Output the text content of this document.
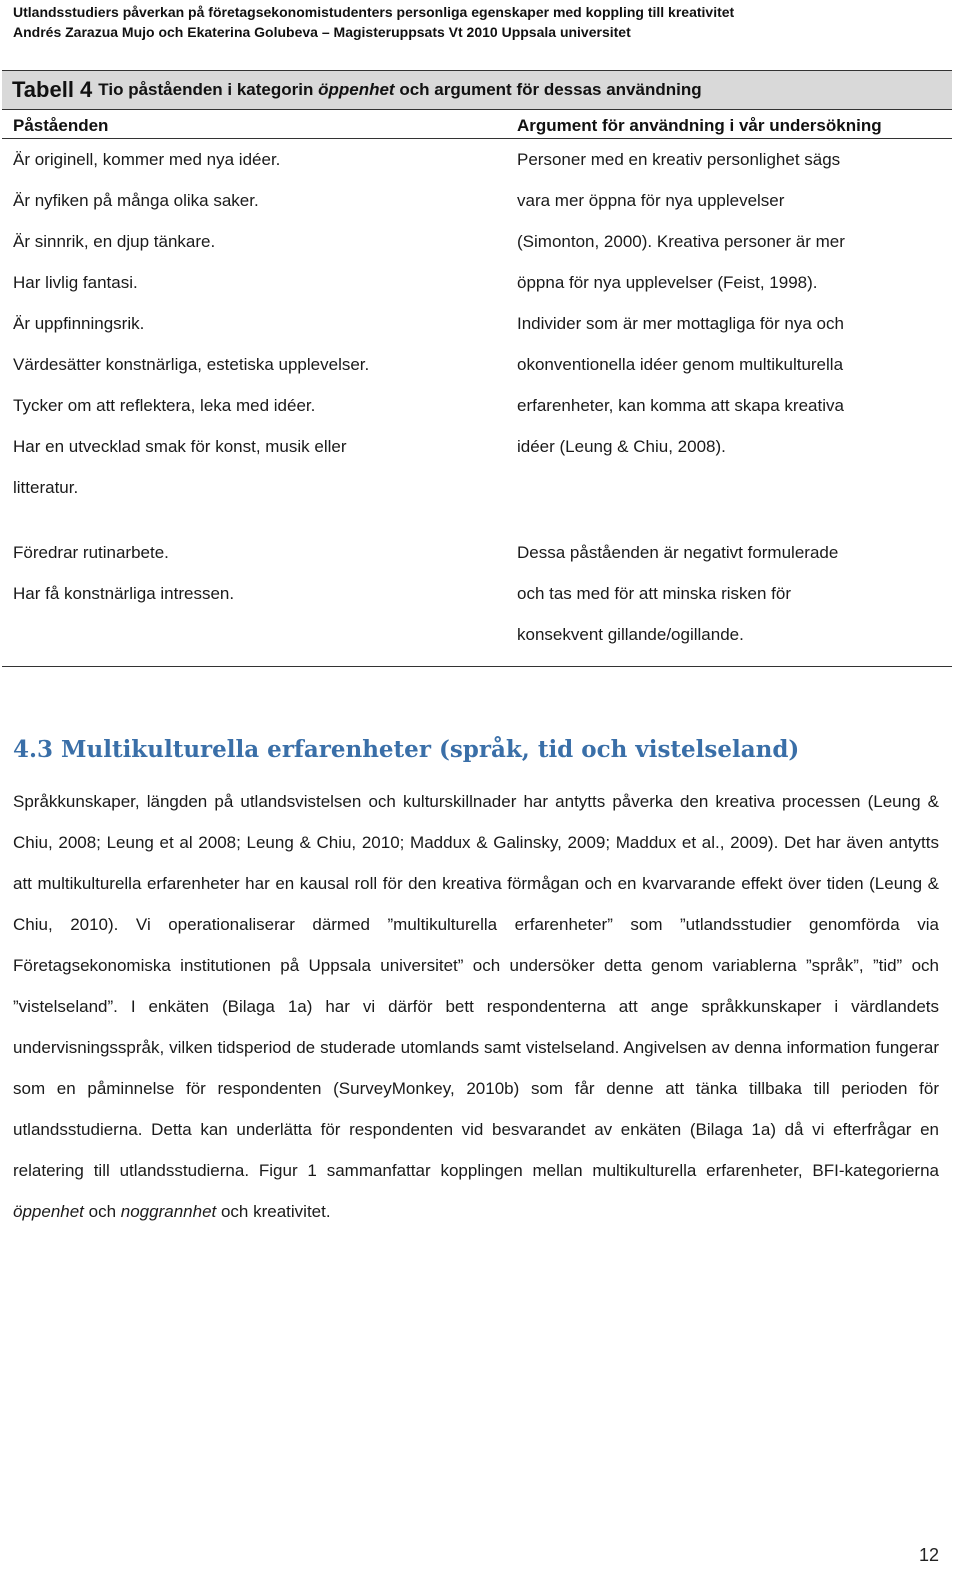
Utlandsstudiers påverkan på företagsekonomistudenters personliga egenskaper med koppling till kreativitet
Andrés Zarazua Mujo och Ekaterina Golubeva – Magisteruppsats Vt 2010 Uppsala universitet
Tabell 4 Tio påståenden i kategorin öppenhet och argument för dessas användning
Påståenden	Argument för användning i vår undersökning
Är originell, kommer med nya idéer.
Är nyfiken på många olika saker.
Är sinnrik, en djup tänkare.
Har livlig fantasi.
Är uppfinningsrik.
Värdesätter konstnärliga, estetiska upplevelser.
Tycker om att reflektera, leka med idéer.
Har en utvecklad smak för konst, musik eller
litteratur.
Personer med en kreativ personlighet sägs
vara mer öppna för nya upplevelser
(Simonton, 2000). Kreativa personer är mer
öppna för nya upplevelser (Feist, 1998).
Individer som är mer mottagliga för nya och
okonventionella idéer genom multikulturella
erfarenheter, kan komma att skapa kreativa
idéer (Leung & Chiu, 2008).
Föredrar rutinarbete.
Har få konstnärliga intressen.
Dessa påståenden är negativt formulerade
och tas med för att minska risken för
konsekvent gillande/ogillande.
4.3 Multikulturella erfarenheter (språk, tid och vistelseland)
Språkkunskaper, längden på utlandsvistelsen och kulturskillnader har antytts påverka den kreativa processen (Leung & Chiu, 2008; Leung et al 2008; Leung & Chiu, 2010; Maddux & Galinsky, 2009; Maddux et al., 2009). Det har även antytts att multikulturella erfarenheter har en kausal roll för den kreativa förmågan och en kvarvarande effekt över tiden (Leung & Chiu, 2010). Vi operationaliserar därmed ”multikulturella erfarenheter” som ”utlandsstudier genomförda via Företagsekonomiska institutionen på Uppsala universitet” och undersöker detta genom variablerna ”språk”, ”tid” och ”vistelseland”. I enkäten (Bilaga 1a) har vi därför bett respondenterna att ange språkkunskaper i värdlandets undervisningsspråk, vilken tidsperiod de studerade utomlands samt vistelseland. Angivelsen av denna information fungerar som en påminnelse för respondenten (SurveyMonkey, 2010b) som får denne att tänka tillbaka till perioden för utlandsstudierna. Detta kan underlätta för respondenten vid besvarandet av enkäten (Bilaga 1a) då vi efterfrågar en relatering till utlandsstudierna. Figur 1 sammanfattar kopplingen mellan multikulturella erfarenheter, BFI-kategorierna öppenhet och noggrannhet och kreativitet.
12
